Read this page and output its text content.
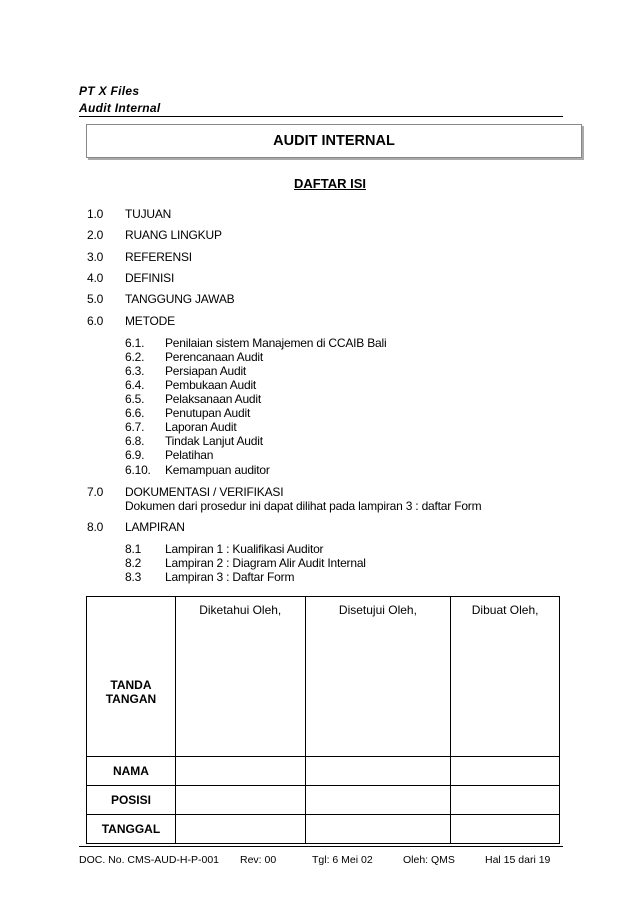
PT X Files
Audit Internal
AUDIT INTERNAL
DAFTAR ISI
1.0 TUJUAN
2.0 RUANG LINGKUP
3.0 REFERENSI
4.0 DEFINISI
5.0 TANGGUNG JAWAB
6.0 METODE
6.1. Penilaian sistem Manajemen di CCAIB Bali
6.2. Perencanaan Audit
6.3. Persiapan Audit
6.4. Pembukaan Audit
6.5. Pelaksanaan Audit
6.6. Penutupan Audit
6.7. Laporan Audit
6.8. Tindak Lanjut Audit
6.9. Pelatihan
6.10. Kemampuan auditor
7.0 DOKUMENTASI / VERIFIKASI
Dokumen dari prosedur ini dapat dilihat pada lampiran 3 : daftar Form
8.0 LAMPIRAN
8.1 Lampiran 1 : Kualifikasi Auditor
8.2 Lampiran 2 : Diagram Alir Audit Internal
8.3 Lampiran 3 : Daftar Form
TANDA
TANGAN	Diketahui Oleh,	Disetujui Oleh,	Dibuat Oleh,
NAMA			
POSISI			
TANGGAL			
DOC. No. CMS-AUD-H-P-001 Rev: 00	Tgl: 6 Mei 02	Oleh: QMS	Hal 15 dari 19
